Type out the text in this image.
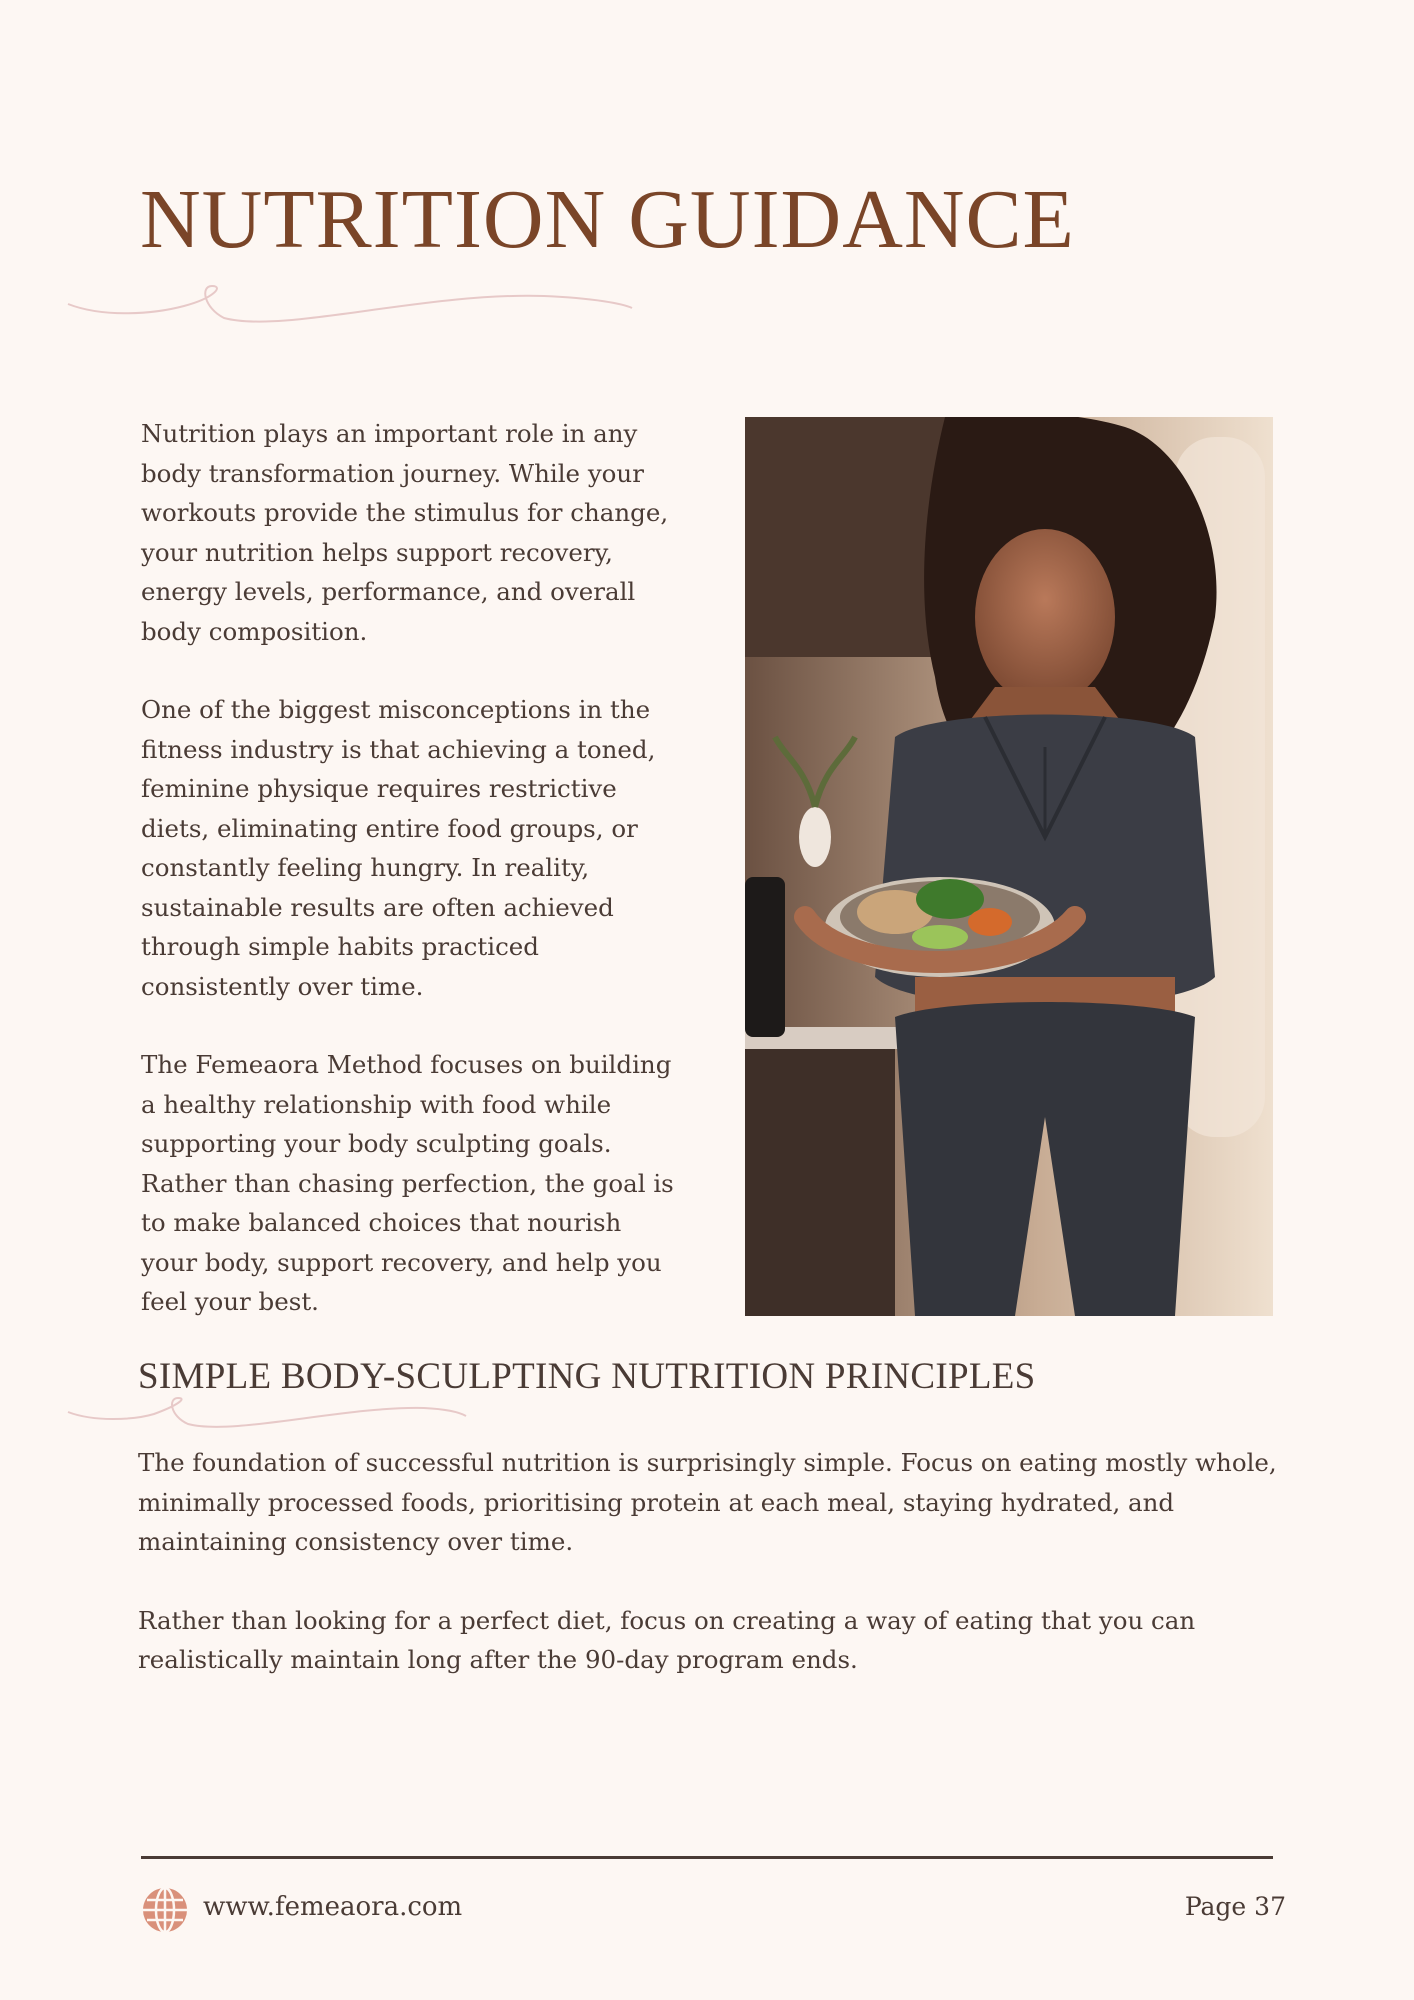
NUTRITION GUIDANCE

Nutrition plays an important role in any body transformation journey. While your workouts provide the stimulus for change, your nutrition helps support recovery, energy levels, performance, and overall body composition.

One of the biggest misconceptions in the fitness industry is that achieving a toned, feminine physique requires restrictive diets, eliminating entire food groups, or constantly feeling hungry. In reality, sustainable results are often achieved through simple habits practiced consistently over time.

The Femeaora Method focuses on building a healthy relationship with food while supporting your body sculpting goals. Rather than chasing perfection, the goal is to make balanced choices that nourish your body, support recovery, and help you feel your best.

SIMPLE BODY-SCULPTING NUTRITION PRINCIPLES

The foundation of successful nutrition is surprisingly simple. Focus on eating mostly whole, minimally processed foods, prioritising protein at each meal, staying hydrated, and maintaining consistency over time.

Rather than looking for a perfect diet, focus on creating a way of eating that you can realistically maintain long after the 90-day program ends.

www.femeaora.com	Page 37
